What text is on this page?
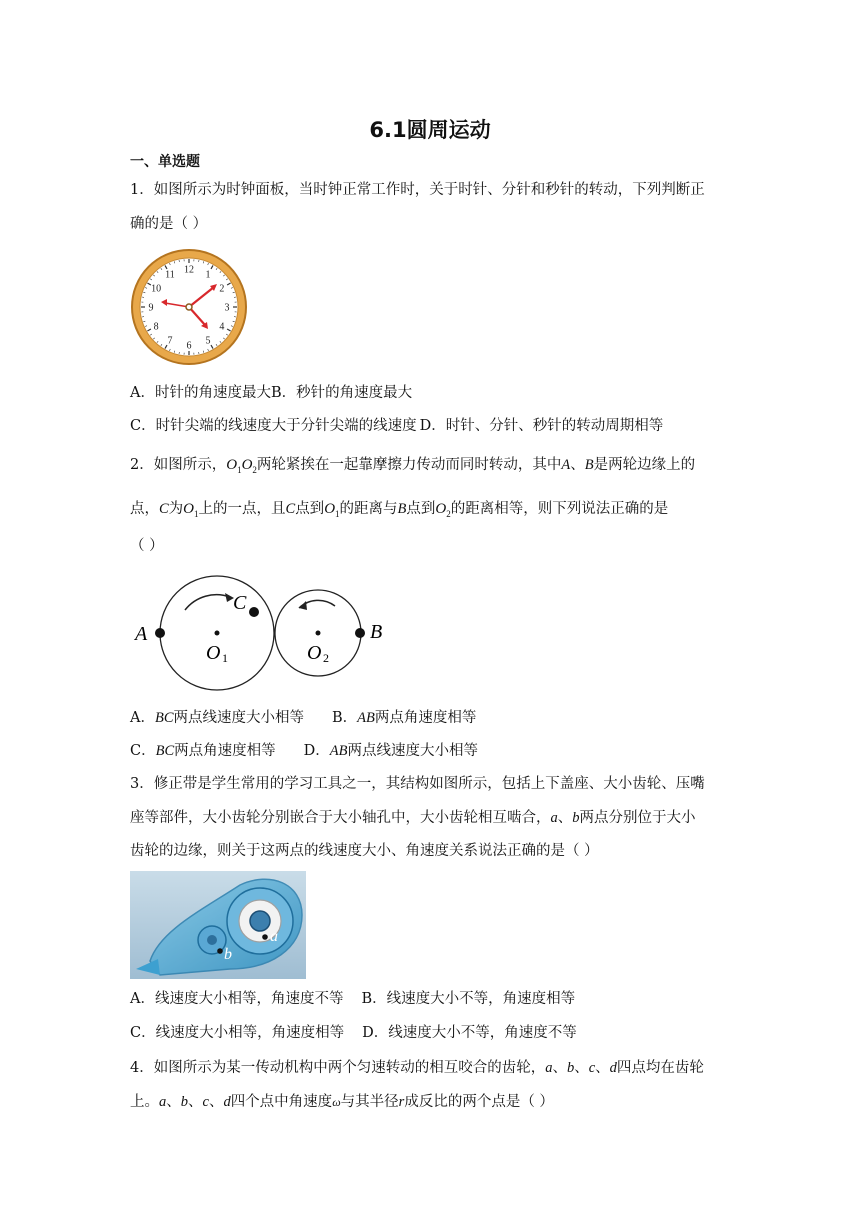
6.1圆周运动
一、单选题
1．如图所示为时钟面板，当时钟正常工作时，关于时针、分针和秒针的转动，下列判断正
确的是（ ）
12 1
2
3
4
5
6
7
8
9
10
11
A．时针的角速度最大B．秒针的角速度最大
C．时针尖端的线速度大于分针尖端的线速度 D．时针、分针、秒针的转动周期相等
2．如图所示，$O_1O_2$两轮紧挨在一起靠摩擦力传动而同时转动，其中A、B是两轮边缘上的
点，C为$O_1$上的一点，且C点到$O_1$的距离与B点到$O_2$的距离相等，则下列说法正确的是
（ ）
A	B
C
O 1	O 2
A．BC两点线速度大小相等 B．AB两点角速度相等
C．BC两点角速度相等 D．AB两点线速度大小相等
3．修正带是学生常用的学习工具之一，其结构如图所示，包括上下盖座、大小齿轮、压嘴
座等部件，大小齿轮分别嵌合于大小轴孔中，大小齿轮相互啮合，a、b两点分别位于大小
齿轮的边缘，则关于这两点的线速度大小、角速度关系说法正确的是（ ）
a
b
A．线速度大小相等，角速度不等 B．线速度大小不等，角速度相等
C．线速度大小相等，角速度相等 D．线速度大小不等，角速度不等
4．如图所示为某一传动机构中两个匀速转动的相互咬合的齿轮，a、b、c、d四点均在齿轮
上。a、b、c、d四个点中角速度ω与其半径r成反比的两个点是（ ）
